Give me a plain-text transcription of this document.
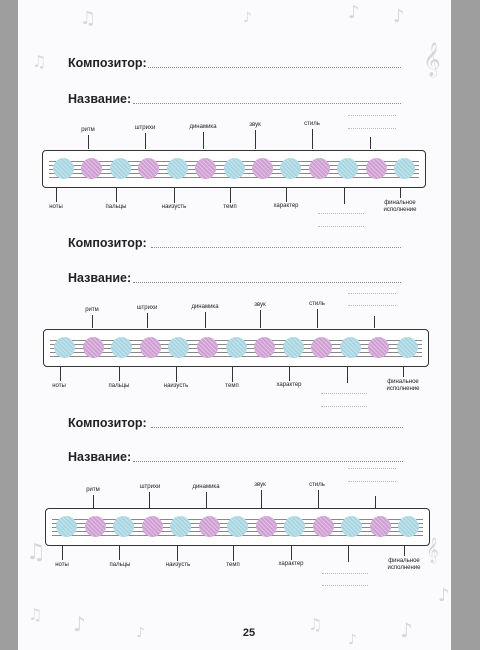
Композитор:
Название:
ритм	штрихи	динамика	звук	стиль
ноты	пальцы	наизусть	темп	характер	финальное
исполнение
Композитор:
Название:
ритм	штрихи	динамика	звук	стиль
ноты	пальцы	наизусть	темп	характер	финальное
исполнение
Композитор:
Название:
ритм	штрихи	динамика	звук	стиль
ноты	пальцы	наизусть	темп	характер	финальное
исполнение
♫	♪	♪ ♪
♫	𝄞
♫	𝄞
♪
♫ ♪	♪	♫
♪ ♪
25
